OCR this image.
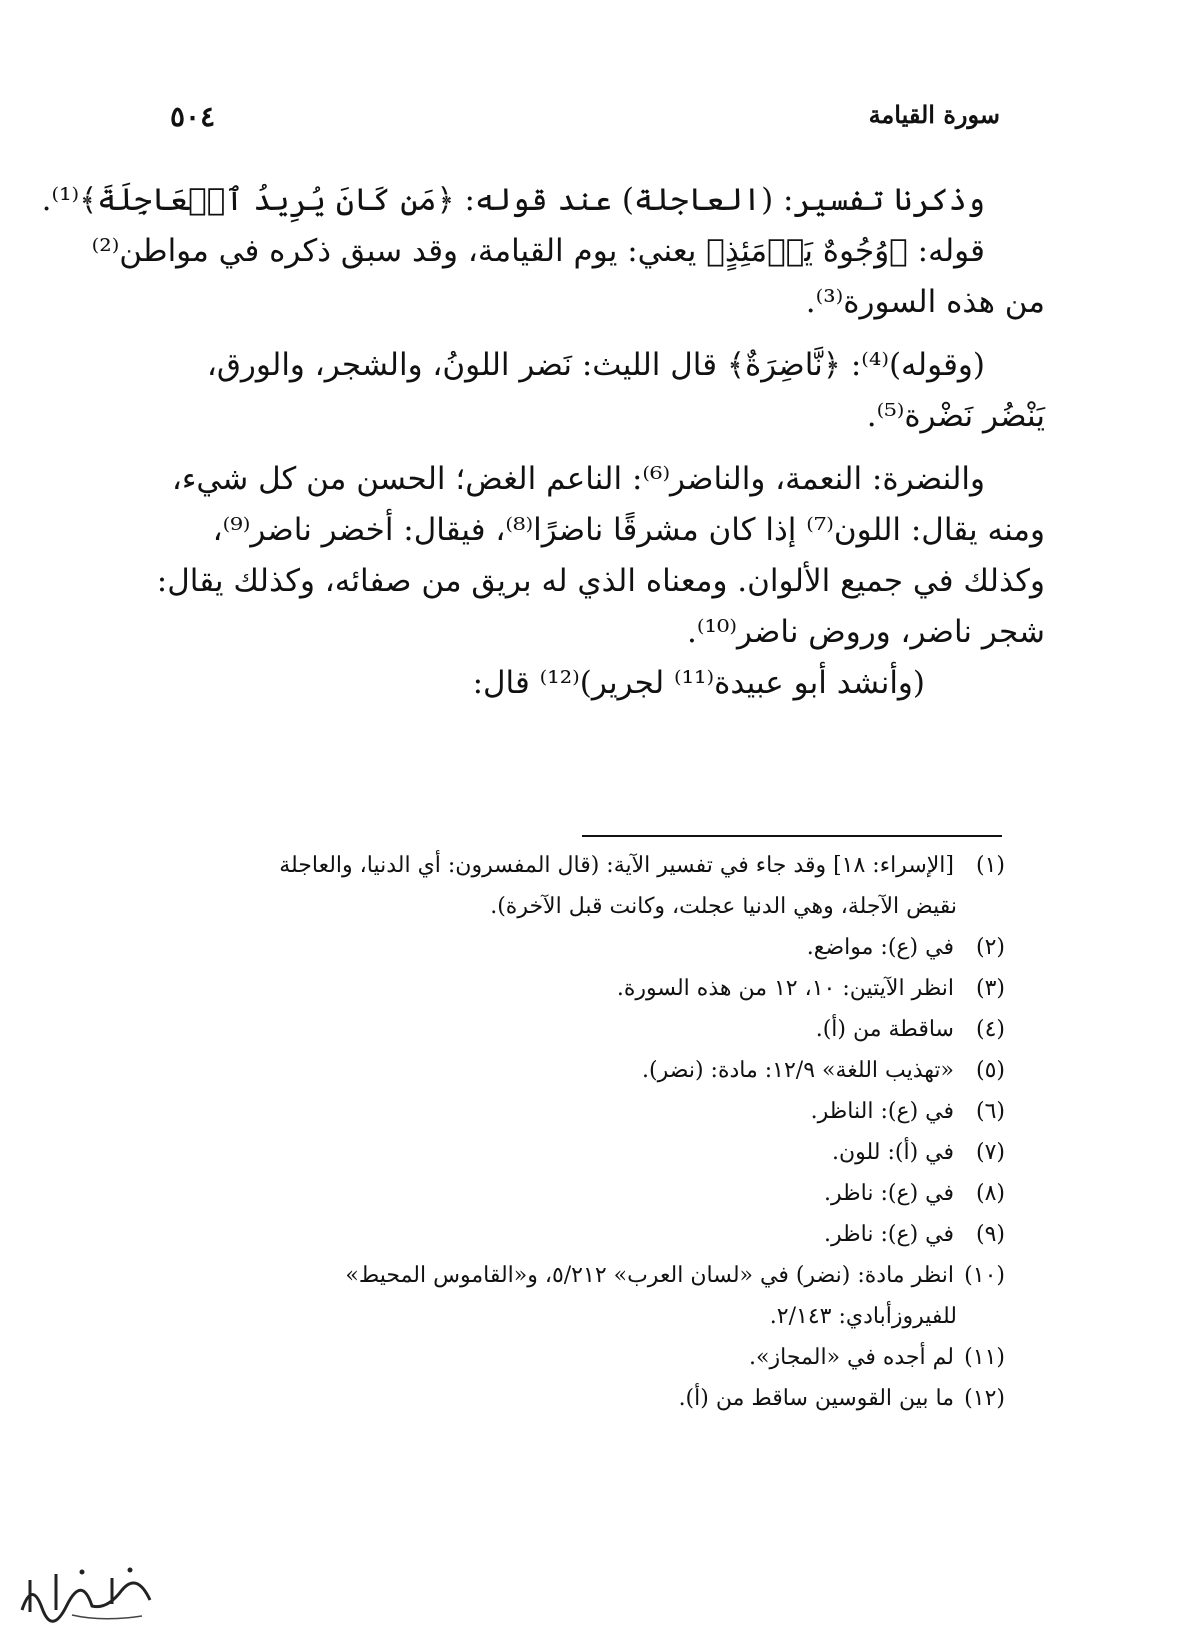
سورة القيامة
٥٠٤
وذكرنا تفسير: (العاجلة) عند قوله: ﴿مَن كَانَ يُرِيدُ ٱلۡعَاجِلَةَ﴾⁽¹⁾.
قوله: ﴿وُجُوهٌ يَوۡمَئِذٍ﴾ يعني: يوم القيامة، وقد سبق ذكره في مواطن⁽²⁾
من هذه السورة⁽³⁾.
(وقوله)⁽⁴⁾: ﴿نَّاضِرَةٌ﴾ قال الليث: نَضر اللونُ، والشجر، والورق،
يَنْضُر نَضْرة⁽⁵⁾.
والنضرة: النعمة، والناضر⁽⁶⁾: الناعم الغض؛ الحسن من كل شيء،
ومنه يقال: اللون⁽⁷⁾ إذا كان مشرقًا ناضرًا⁽⁸⁾، فيقال: أخضر ناضر⁽⁹⁾،
وكذلك في جميع الألوان. ومعناه الذي له بريق من صفائه، وكذلك يقال:
شجر ناضر، وروض ناضر⁽¹⁰⁾.
(وأنشد أبو عبيدة⁽¹¹⁾ لجرير)⁽¹²⁾ قال:
(١) [الإسراء: ١٨] وقد جاء في تفسير الآية: (قال المفسرون: أي الدنيا، والعاجلة
نقيض الآجلة، وهي الدنيا عجلت، وكانت قبل الآخرة).
(٢) في (ع): مواضع.
(٣) انظر الآيتين: ١٠، ١٢ من هذه السورة.
(٤) ساقطة من (أ).
(٥) «تهذيب اللغة» ١٢/٩: مادة: (نضر).
(٦) في (ع): الناظر.
(٧) في (أ): للون.
(٨) في (ع): ناظر.
(٩) في (ع): ناظر.
(١٠) انظر مادة: (نضر) في «لسان العرب» ٥/٢١٢، و«القاموس المحيط»
للفيروزأبادي: ٢/١٤٣.
(١١) لم أجده في «المجاز».
(١٢) ما بين القوسين ساقط من (أ).
